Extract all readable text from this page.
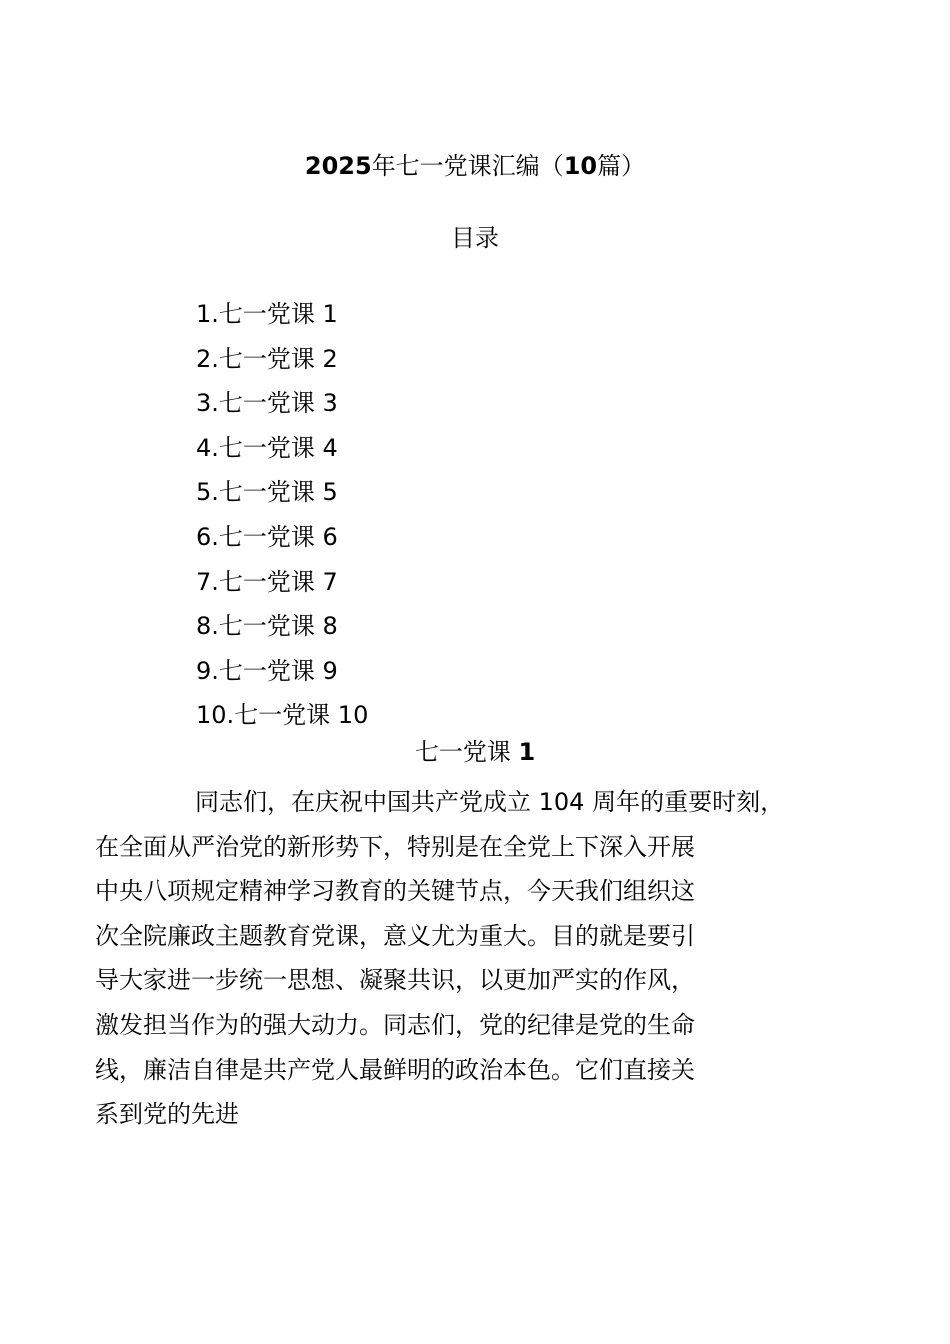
2025年七一党课汇编（10篇）
目录
1.七一党课 1
2.七一党课 2
3.七一党课 3
4.七一党课 4
5.七一党课 5
6.七一党课 6
7.七一党课 7
8.七一党课 8
9.七一党课 9
10.七一党课 10
七一党课 1
同志们，在庆祝中国共产党成立 104 周年的重要时刻，
在全面从严治党的新形势下，特别是在全党上下深入开展
中央八项规定精神学习教育的关键节点，今天我们组织这
次全院廉政主题教育党课，意义尤为重大。目的就是要引
导大家进一步统一思想、凝聚共识，以更加严实的作风，
激发担当作为的强大动力。同志们，党的纪律是党的生命
线，廉洁自律是共产党人最鲜明的政治本色。它们直接关
系到党的先进
